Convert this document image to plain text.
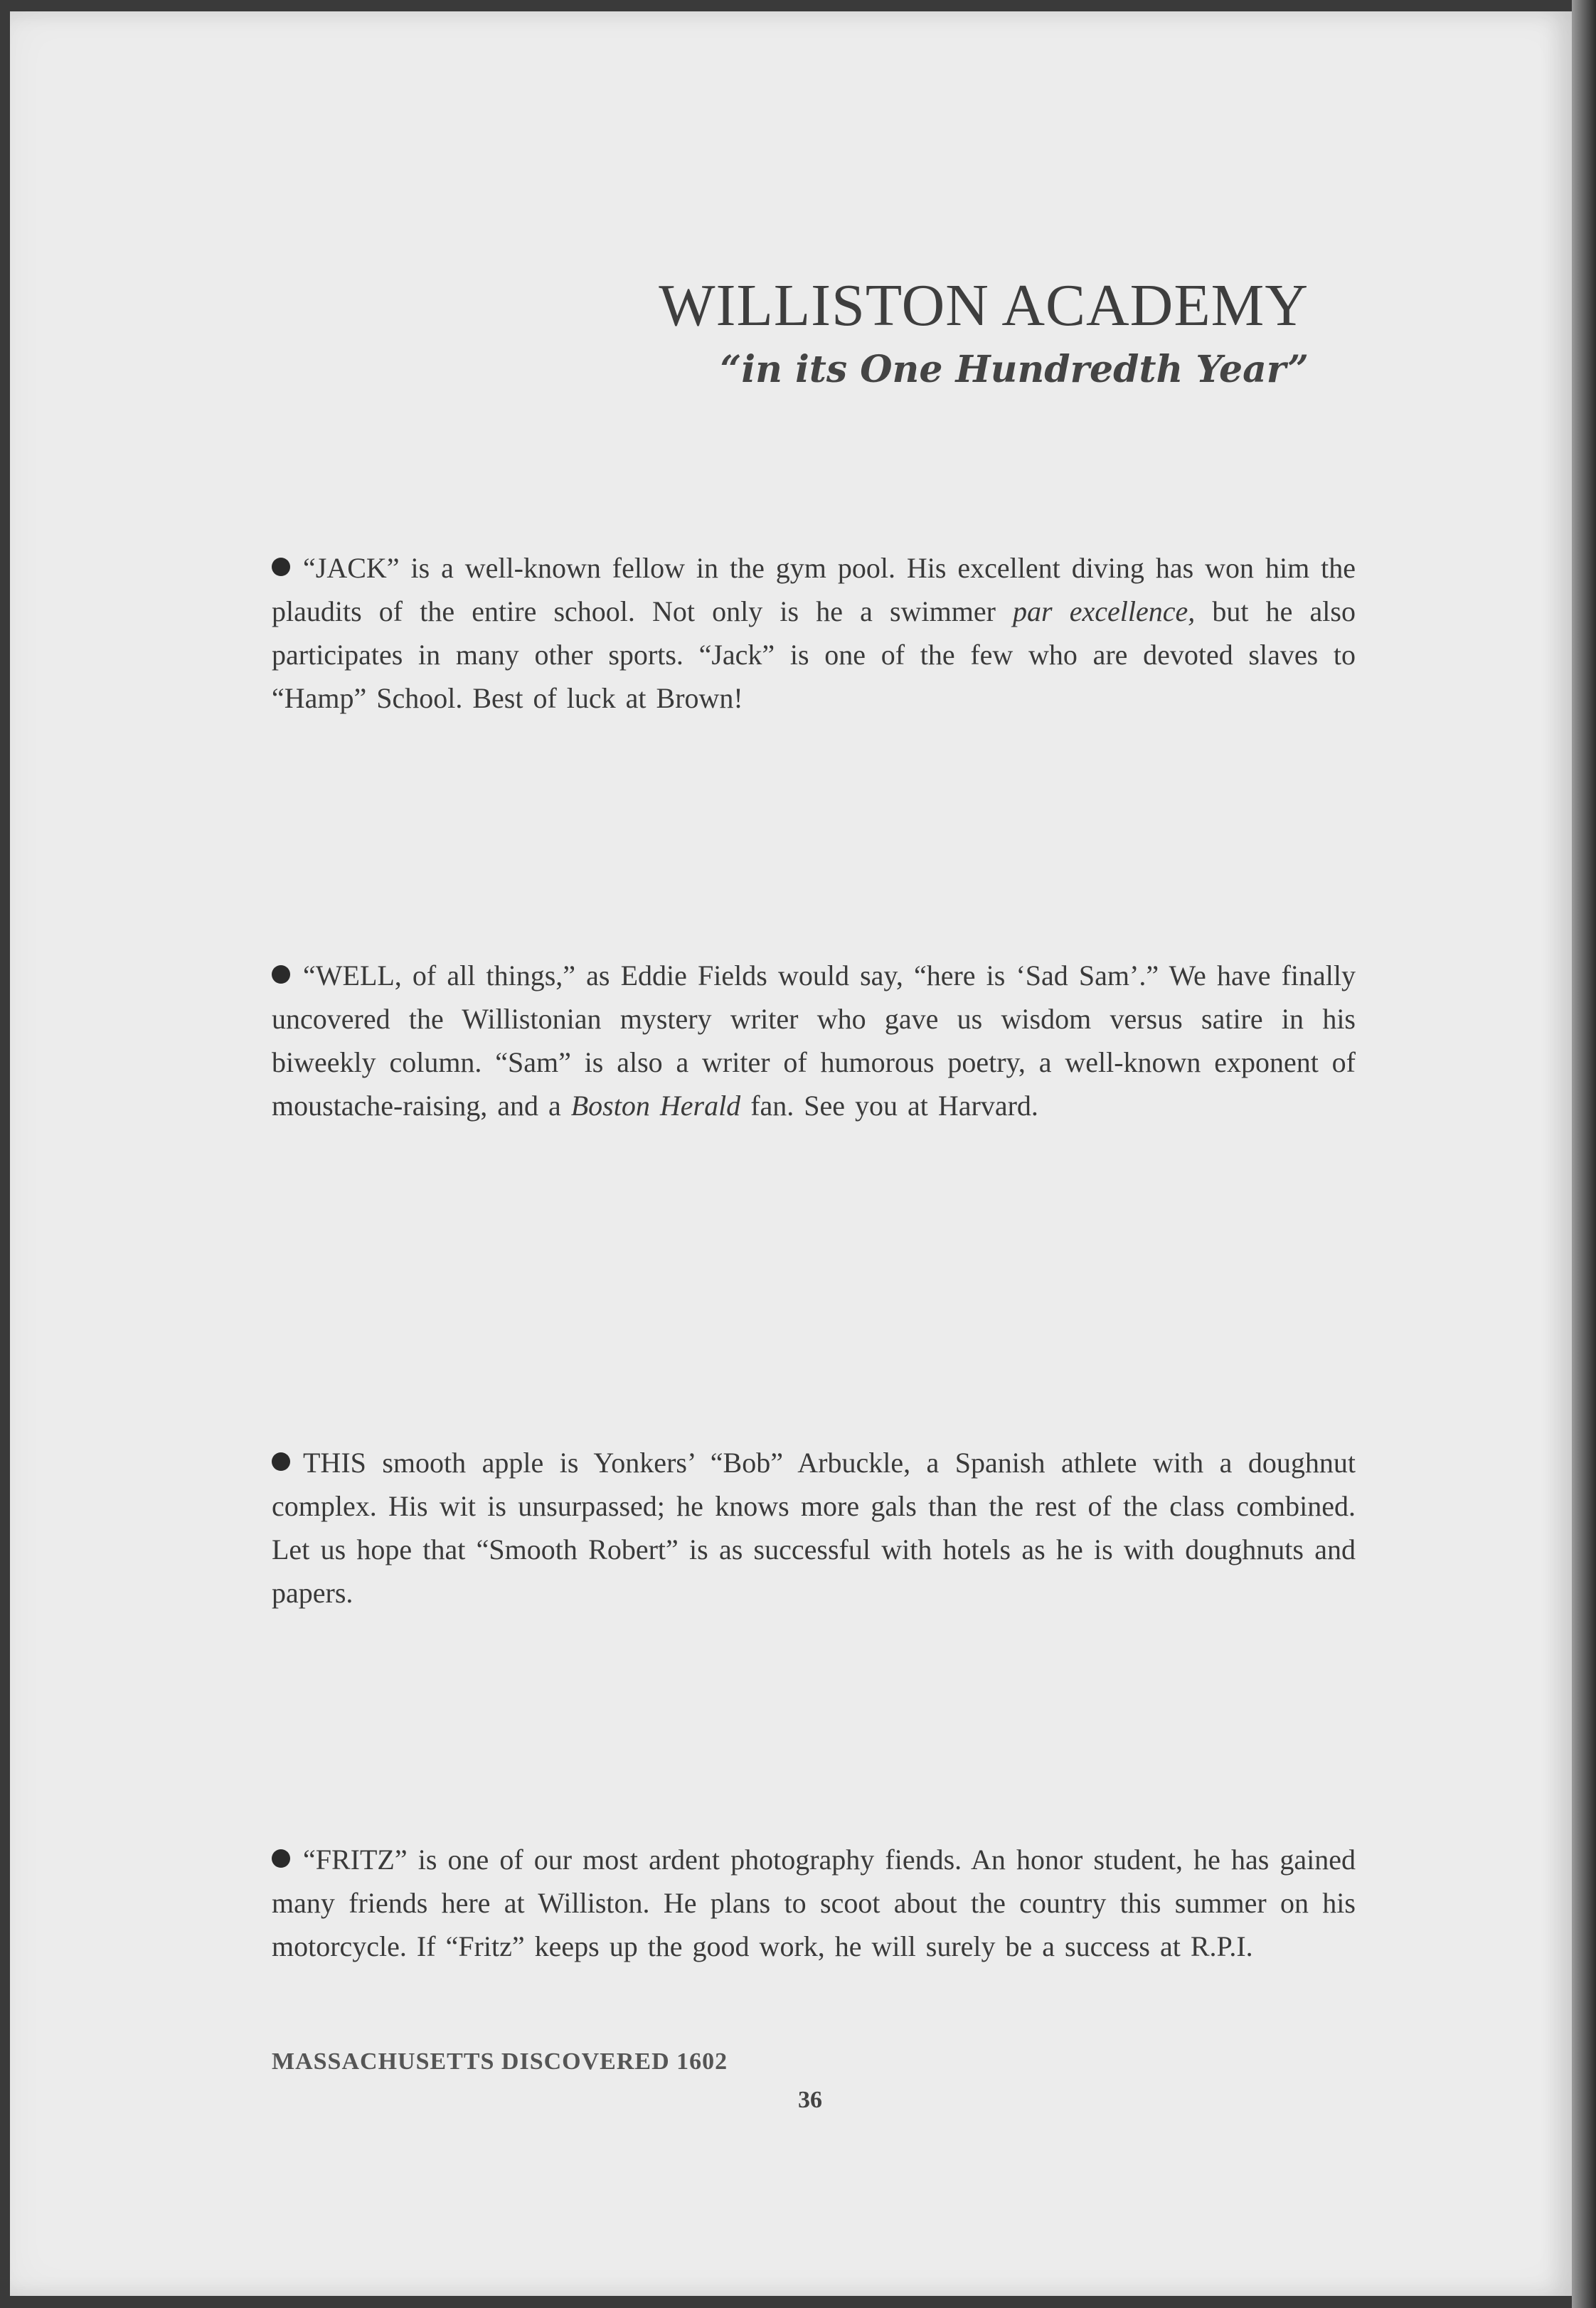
WILLISTON ACADEMY
“in its One Hundredth Year”

“JACK” is a well-known fellow in the gym pool. His excellent diving has won him the plaudits of the entire school. Not only is he a swimmer par excellence, but he also participates in many other sports. “Jack” is one of the few who are devoted slaves to “Hamp” School. Best of luck at Brown!

“WELL, of all things,” as Eddie Fields would say, “here is ‘Sad Sam’.” We have finally uncovered the Willistonian mystery writer who gave us wisdom versus satire in his biweekly column. “Sam” is also a writer of humorous poetry, a well-known exponent of moustache-raising, and a Boston Herald fan. See you at Harvard.

THIS smooth apple is Yonkers’ “Bob” Arbuckle, a Spanish athlete with a doughnut complex. His wit is unsurpassed; he knows more gals than the rest of the class combined. Let us hope that “Smooth Robert” is as successful with hotels as he is with doughnuts and papers.

“FRITZ” is one of our most ardent photography fiends. An honor student, he has gained many friends here at Williston. He plans to scoot about the country this summer on his motorcycle. If “Fritz” keeps up the good work, he will surely be a success at R.P.I.

MASSACHUSETTS DISCOVERED 1602
36
